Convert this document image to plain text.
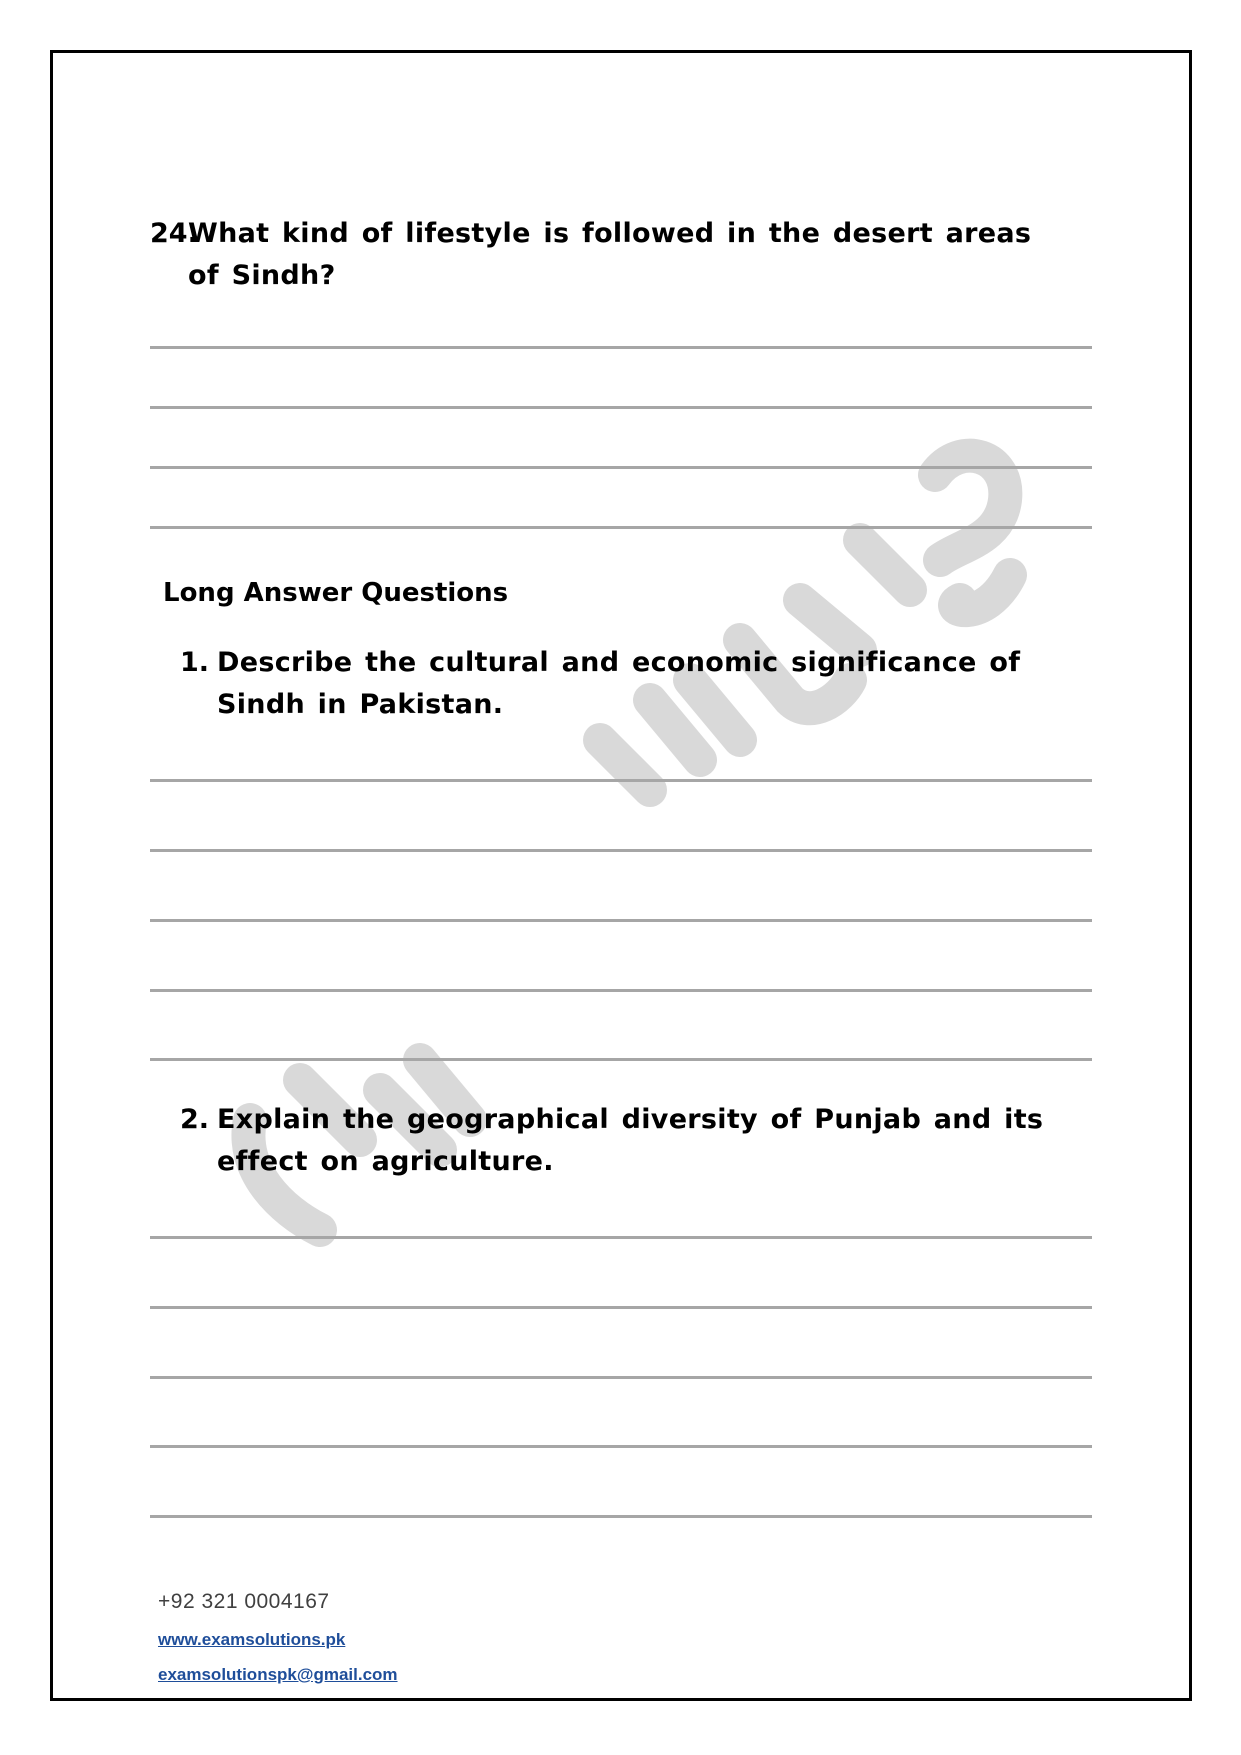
24.

What kind of lifestyle is followed in the desert areas of Sindh?

Long Answer Questions
1. Describe the cultural and economic significance of Sindh in Pakistan.

2. Explain the geographical diversity of Punjab and its effect on agriculture.

+92 321 0004167
www.examsolutions.pk
examsolutionspk@gmail.com
